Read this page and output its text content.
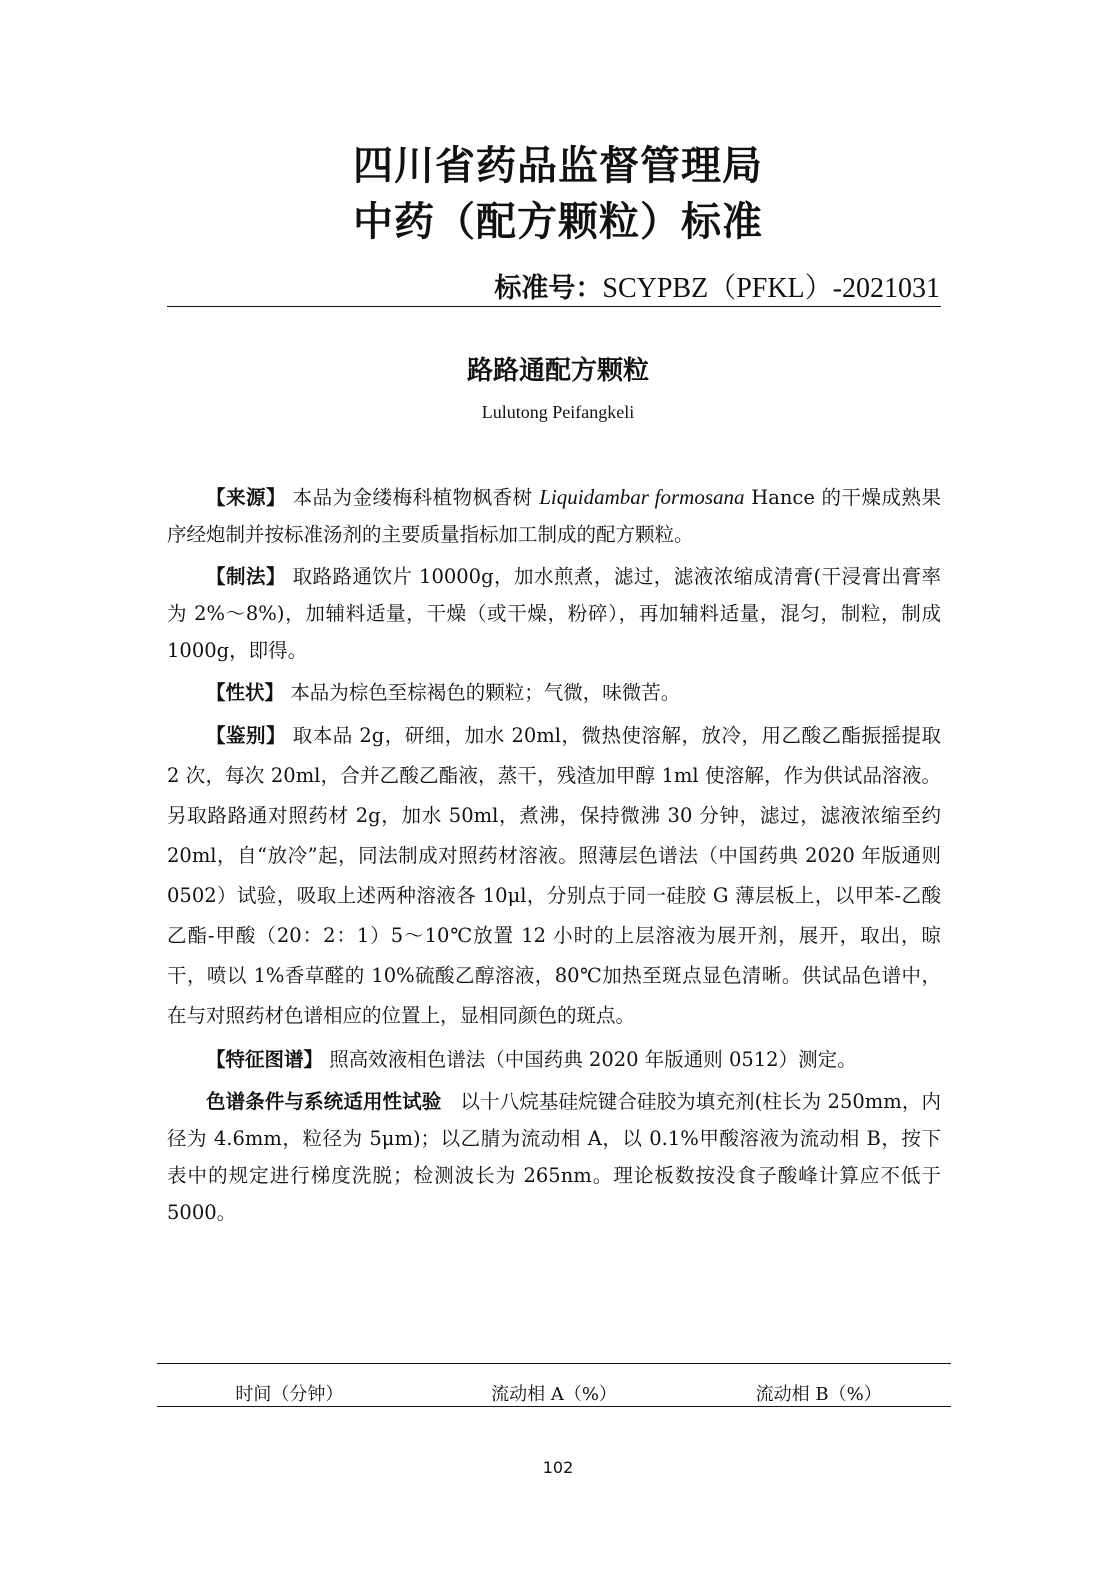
四川省药品监督管理局
中药（配方颗粒）标准
标准号：SCYPBZ（PFKL）-2021031
路路通配方颗粒
Lulutong Peifangkeli

【来源】 本品为金缕梅科植物枫香树 Liquidambar formosana Hance 的干燥成熟果序经炮制并按标准汤剂的主要质量指标加工制成的配方颗粒。

【制法】 取路路通饮片 10000g，加水煎煮，滤过，滤液浓缩成清膏(干浸膏出膏率为 2%～8%)，加辅料适量，干燥（或干燥，粉碎），再加辅料适量，混匀，制粒，制成 1000g，即得。

【性状】 本品为棕色至棕褐色的颗粒；气微，味微苦。

【鉴别】 取本品 2g，研细，加水 20ml，微热使溶解，放冷，用乙酸乙酯振摇提取 2 次，每次 20ml，合并乙酸乙酯液，蒸干，残渣加甲醇 1ml 使溶解，作为供试品溶液。另取路路通对照药材 2g，加水 50ml，煮沸，保持微沸 30 分钟，滤过，滤液浓缩至约 20ml，自“放冷”起，同法制成对照药材溶液。照薄层色谱法（中国药典 2020 年版通则 0502）试验，吸取上述两种溶液各 10μl，分别点于同一硅胶 G 薄层板上，以甲苯-乙酸乙酯-甲酸（20：2：1）5～10℃放置 12 小时的上层溶液为展开剂，展开，取出，晾干，喷以 1%香草醛的 10%硫酸乙醇溶液，80℃加热至斑点显色清晰。供试品色谱中，在与对照药材色谱相应的位置上，显相同颜色的斑点。

【特征图谱】 照高效液相色谱法（中国药典 2020 年版通则 0512）测定。

色谱条件与系统适用性试验 以十八烷基硅烷键合硅胶为填充剂(柱长为 250mm，内径为 4.6mm，粒径为 5μm)；以乙腈为流动相 A，以 0.1%甲酸溶液为流动相 B，按下表中的规定进行梯度洗脱；检测波长为 265nm。理论板数按没食子酸峰计算应不低于 5000。

时间（分钟）	流动相 A（%）	流动相 B（%）
102
